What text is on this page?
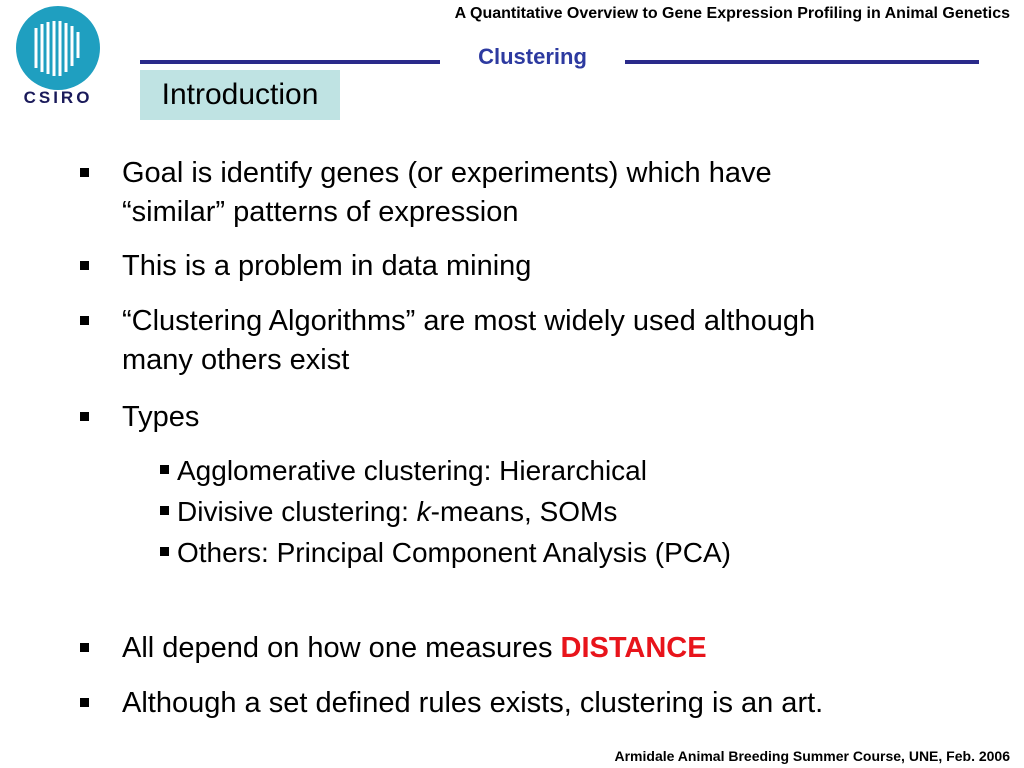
CSIRO
A Quantitative Overview to Gene Expression Profiling in Animal Genetics
Clustering
Introduction
Goal is identify genes (or experiments) which have
“similar” patterns of expression
This is a problem in data mining
“Clustering Algorithms” are most widely used although
many others exist
Types
Agglomerative clustering: Hierarchical
Divisive clustering: k-means, SOMs
Others: Principal Component Analysis (PCA)
All depend on how one measures DISTANCE
Although a set defined rules exists, clustering is an art.
Armidale Animal Breeding Summer Course, UNE, Feb. 2006
